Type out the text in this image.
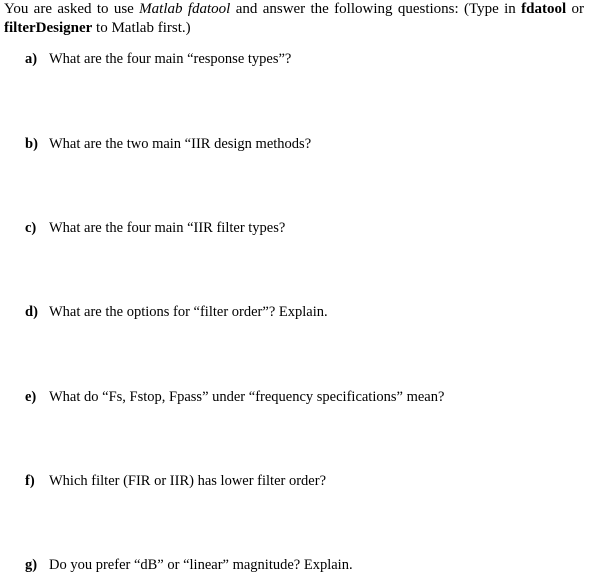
You are asked to use Matlab fdatool and answer the following questions: (Type in fdatool or filterDesigner to Matlab first.)
a) What are the four main “response types”?
b) What are the two main “IIR design methods?
c) What are the four main “IIR filter types?
d) What are the options for “filter order”? Explain.
e) What do “Fs, Fstop, Fpass” under “frequency specifications” mean?
f) Which filter (FIR or IIR) has lower filter order?
g) Do you prefer “dB” or “linear” magnitude? Explain.
